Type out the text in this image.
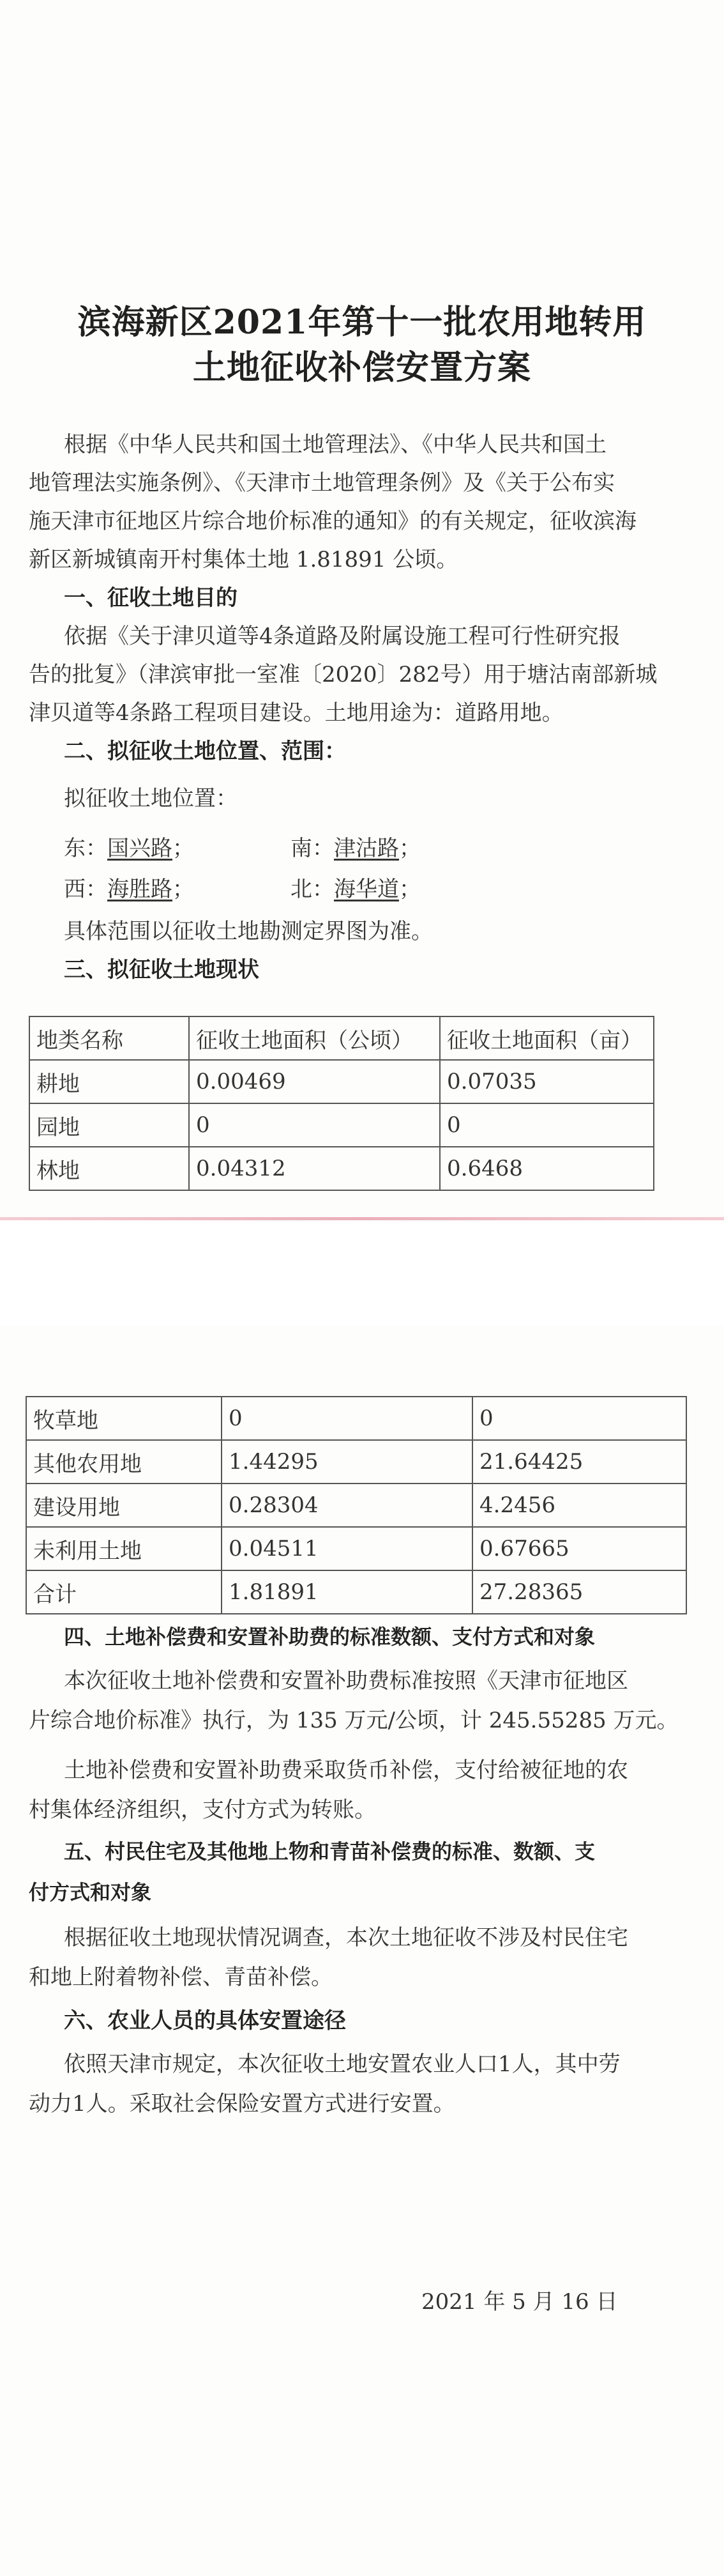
滨海新区2021年第十一批农用地转用
土地征收补偿安置方案
根据《中华人民共和国土地管理法》、《中华人民共和国土
地管理法实施条例》、《天津市土地管理条例》及《关于公布实
施天津市征地区片综合地价标准的通知》的有关规定，征收滨海
新区新城镇南开村集体土地 1.81891 公顷。
一、征收土地目的
依据《关于津贝道等4条道路及附属设施工程可行性研究报
告的批复》（津滨审批一室准〔2020〕282号）用于塘沽南部新城
津贝道等4条路工程项目建设。土地用途为：道路用地。
二、拟征收土地位置、范围：
拟征收土地位置：
东：国兴路；	南：津沽路；
西：海胜路；	北：海华道；
具体范围以征收土地勘测定界图为准。
三、拟征收土地现状
地类名称	征收土地面积（公顷）	征收土地面积（亩）
耕地	0.00469	0.07035
园地	0	0
林地	0.04312	0.6468
牧草地	0	0
其他农用地	1.44295	21.64425
建设用地	0.28304	4.2456
未利用土地	0.04511	0.67665
合计	1.81891	27.28365
四、土地补偿费和安置补助费的标准数额、支付方式和对象
本次征收土地补偿费和安置补助费标准按照《天津市征地区
片综合地价标准》执行，为 135 万元/公顷，计 245.55285 万元。
土地补偿费和安置补助费采取货币补偿，支付给被征地的农
村集体经济组织，支付方式为转账。
五、村民住宅及其他地上物和青苗补偿费的标准、数额、支
付方式和对象
根据征收土地现状情况调查，本次土地征收不涉及村民住宅
和地上附着物补偿、青苗补偿。
六、农业人员的具体安置途径
依照天津市规定，本次征收土地安置农业人口1人，其中劳
动力1人。采取社会保险安置方式进行安置。
2021 年 5 月 16 日
